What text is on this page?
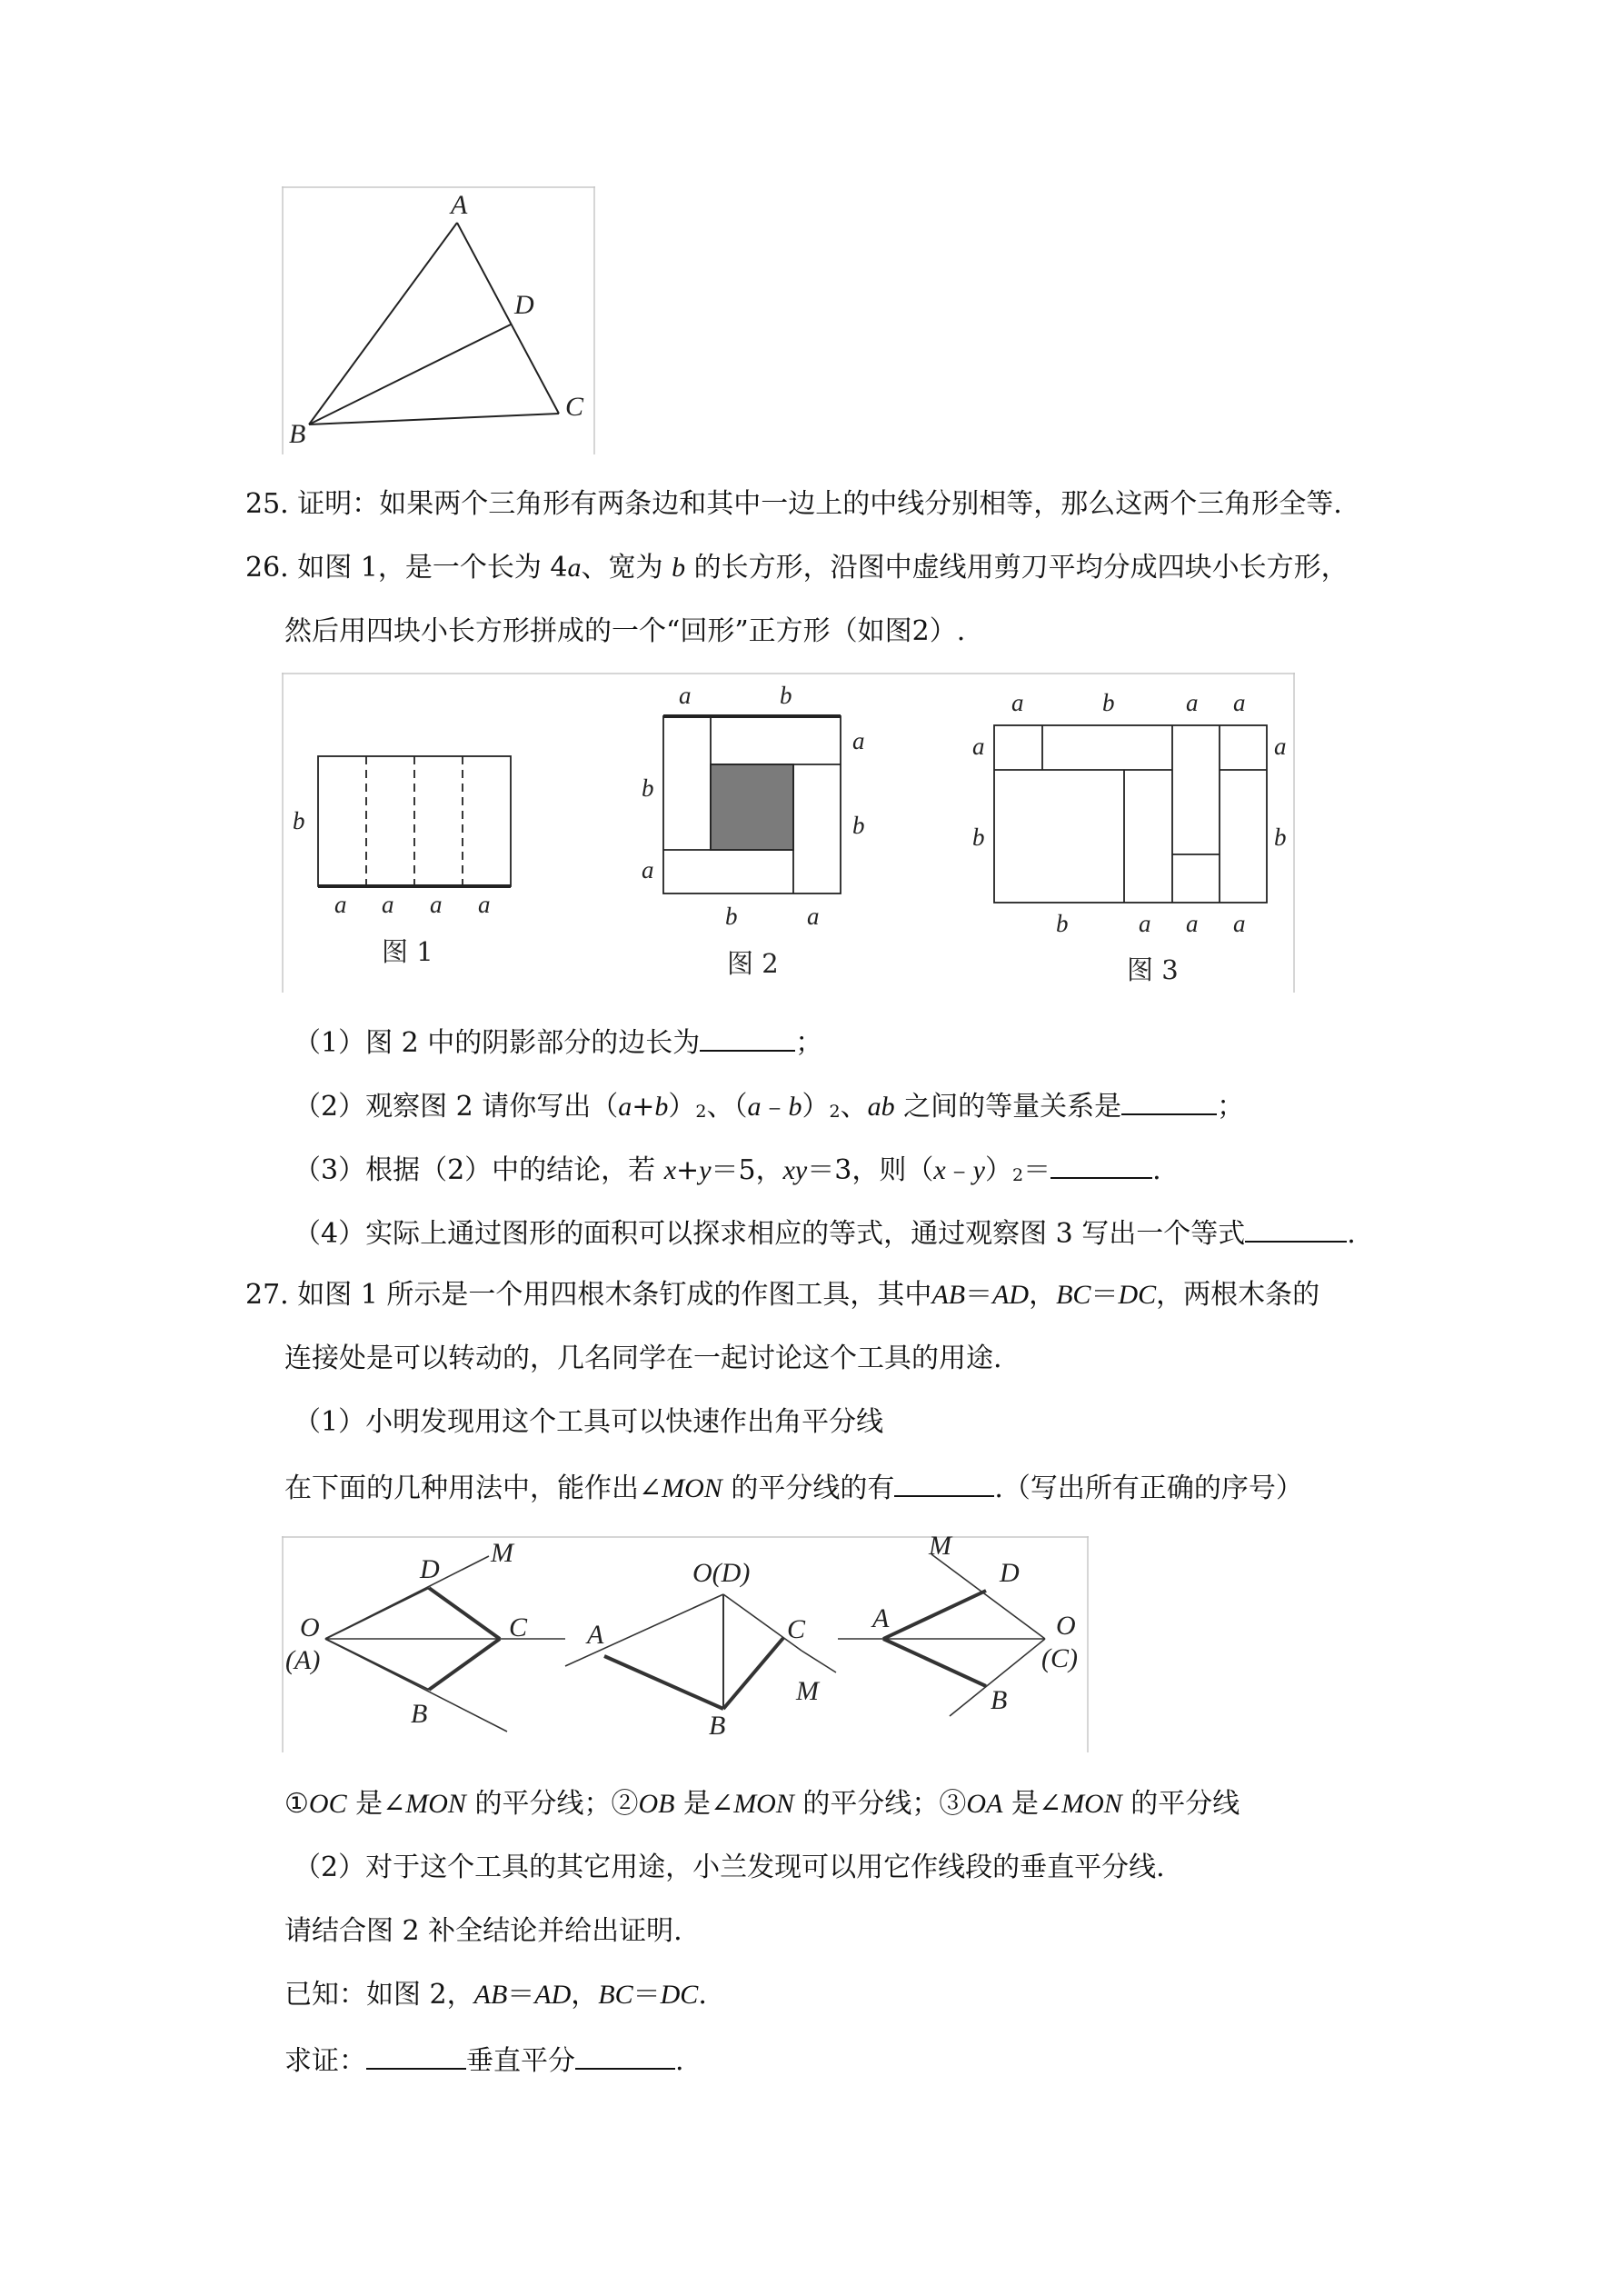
A
B
C
D
25. 证明：如果两个三角形有两条边和其中一边上的中线分别相等，那么这两个三角形全等.
26. 如图 1，是一个长为 4a、宽为 b 的长方形，沿图中虚线用剪刀平均分成四块小长方形，
然后用四块小长方形拼成的一个“回形”正方形（如图2）.
b
a a a a
图 1
a	b
a
b
b
a
b	a
图 2
a	b	a a
a
b
a
b
b	a a a
图 3
（1）图 2 中的阴影部分的边长为	；
（2）观察图 2 请你写出（a+b）2、（a﹣b）2、ab 之间的等量关系是	；
（3）根据（2）中的结论，若 x+y＝5，xy＝3，则（x﹣y）2＝	.
（4）实际上通过图形的面积可以探求相应的等式，通过观察图 3 写出一个等式	.
27. 如图 1 所示是一个用四根木条钉成的作图工具，其中AB＝AD，BC＝DC，两根木条的
连接处是可以转动的，几名同学在一起讨论这个工具的用途.
（1）小明发现用这个工具可以快速作出角平分线
在下面的几种用法中，能作出∠MON 的平分线的有	.（写出所有正确的序号）
O
(A)
D
M
C
B
O(D)
A	C
M
B
A
M
D
O
(C)
B
①OC 是∠MON 的平分线；②OB 是∠MON 的平分线；③OA 是∠MON 的平分线
（2）对于这个工具的其它用途，小兰发现可以用它作线段的垂直平分线.
请结合图 2 补全结论并给出证明.
已知：如图 2，AB＝AD，BC＝DC.
求证：	垂直平分	.
